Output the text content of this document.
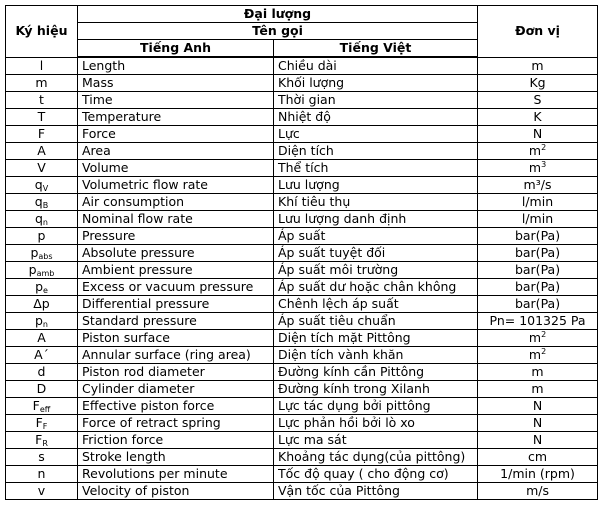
Ký hiệu	Đại lượng		Đơn vị
	Tên gọi		
	Tiếng Anh	Tiếng Việt	
l	Length	Chiều dài	m
m	Mass	Khối lượng	Kg
t	Time	Thời gian	S
T	Temperature	Nhiệt độ	K
F	Force	Lực	N
A	Area	Diện tích	$m^2$
V	Volume	Thể tích	$m^3$
$q_V$	Volumetric flow rate	Lưu lượng	m³/s
$q_B$	Air consumption	Khí tiêu thụ	l/min
$q_n$	Nominal flow rate	Lưu lượng danh định	l/min
p	Pressure	Áp suất	bar(Pa)
$p_{abs}$	Absolute pressure	Áp suất tuyệt đối	bar(Pa)
$p_{amb}$	Ambient pressure	Áp suất môi trường	bar(Pa)
$p_e$	Excess or vacuum pressure	Áp suất dư hoặc chân không	bar(Pa)
Δp	Differential pressure	Chênh lệch áp suất	bar(Pa)
$p_n$	Standard pressure	Áp suất tiêu chuẩn	Pn= 101325 Pa
A	Piston surface	Diện tích mặt Pittông	$m^2$
A´	Annular surface (ring area)	Diện tích vành khăn	$m^2$
d	Piston rod diameter	Đường kính cần Pittông	m
D	Cylinder diameter	Đường kính trong Xilanh	m
$F_{eff}$	Effective piston force	Lực tác dụng bởi pittông	N
$F_F$	Force of retract spring	Lực phản hồi bởi lò xo	N
$F_R$	Friction force	Lực ma sát	N
s	Stroke length	Khoảng tác dụng(của pittông)	cm
n	Revolutions per minute	Tốc độ quay ( cho động cơ)	1/min (rpm)
v	Velocity of piston	Vận tốc của Pittông	m/s
